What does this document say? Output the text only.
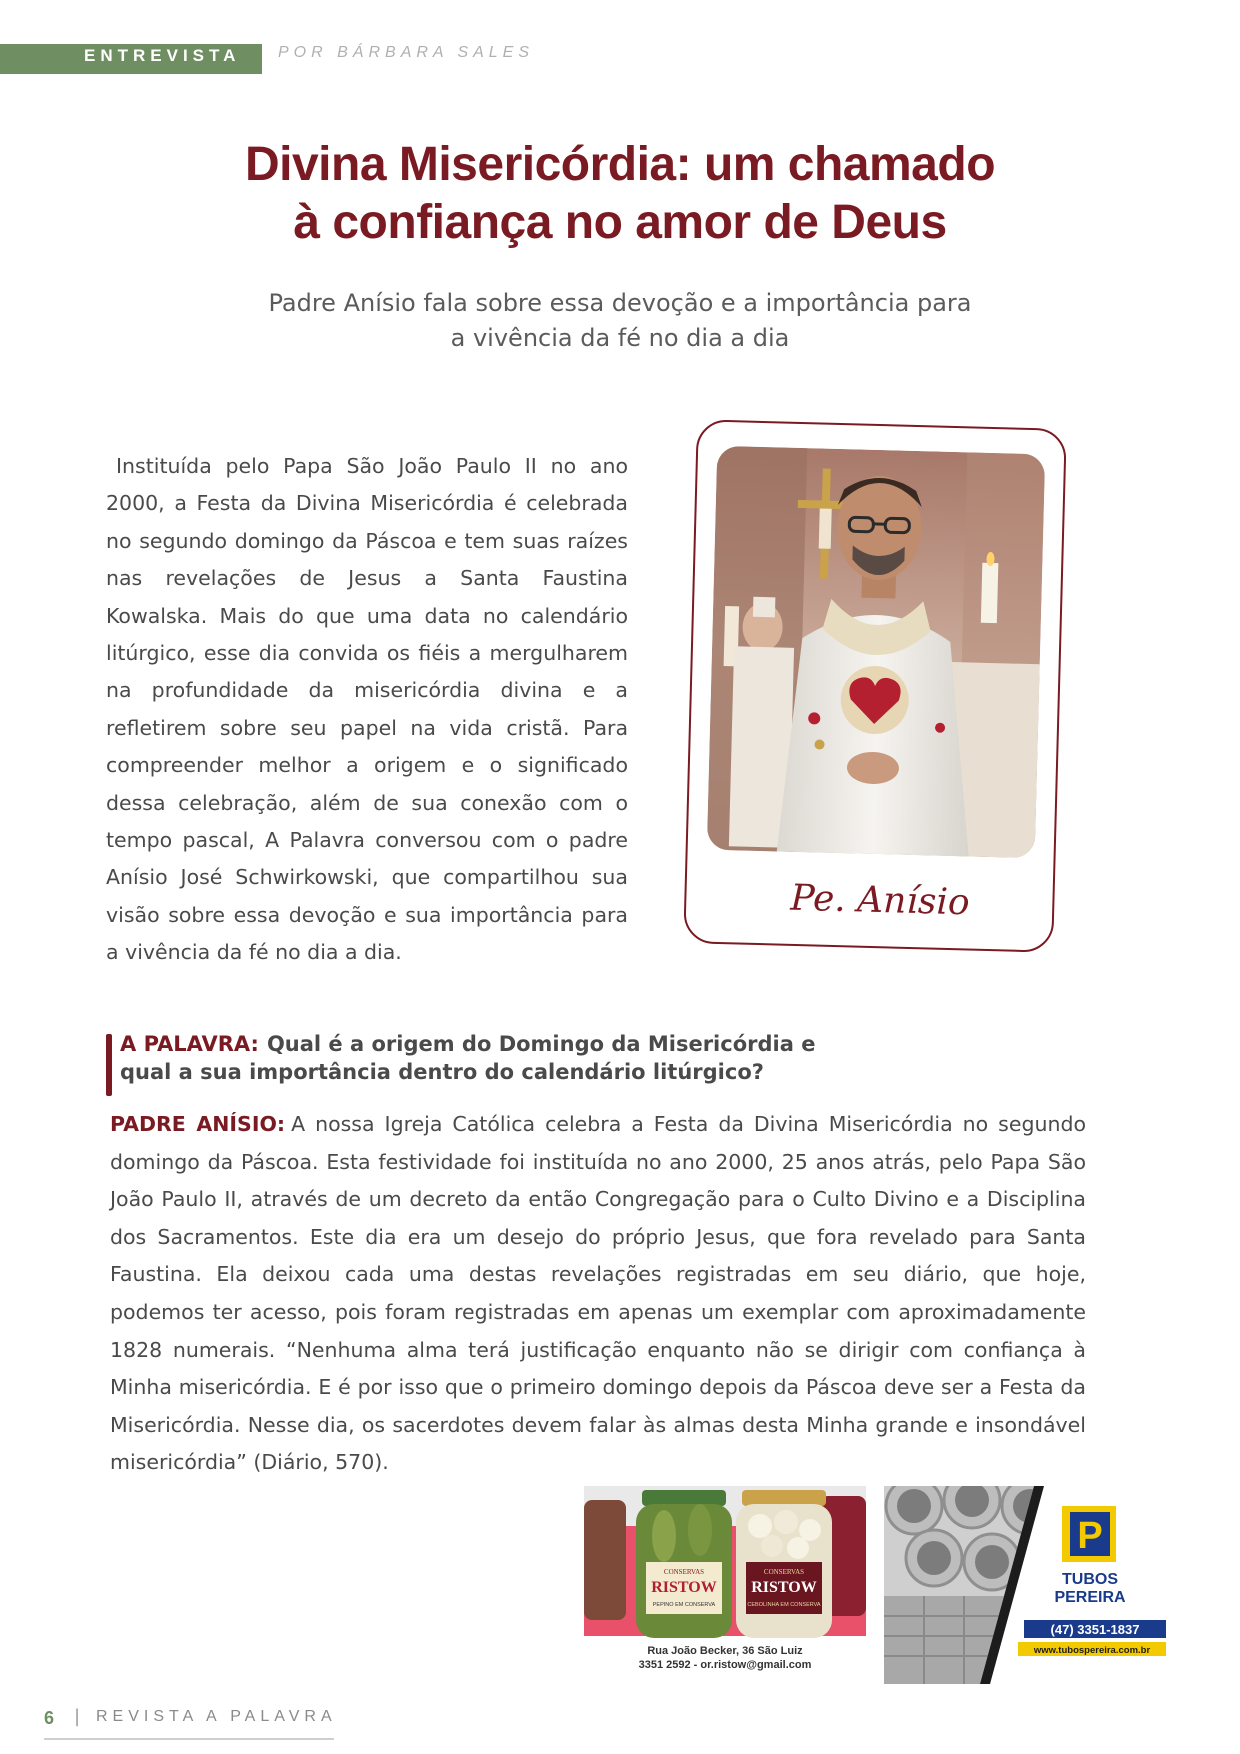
ENTREVISTA POR BÁRBARA SALES
Divina Misericórdia: um chamado
à confiança no amor de Deus

Padre Anísio fala sobre essa devoção e a importância para
a vivência da fé no dia a dia

Instituída pelo Papa São João Paulo II no ano 2000, a Festa da Divina Misericórdia é celebrada no segundo domingo da Páscoa e tem suas raízes nas revelações de Jesus a Santa Faustina Kowalska. Mais do que uma data no calendário litúrgico, esse dia convida os fiéis a mergulharem na profundidade da misericórdia divina e a refletirem sobre seu papel na vida cristã. Para compreender melhor a origem e o significado dessa celebração, além de sua conexão com o tempo pascal, A Palavra conversou com o padre Anísio José Schwirkowski, que compartilhou sua visão sobre essa devoção e sua importância para a vivência da fé no dia a dia.

Pe. Anísio

A PALAVRA: Qual é a origem do Domingo da Misericórdia e qual a sua importância dentro do calendário litúrgico?

PADRE ANÍSIO: A nossa Igreja Católica celebra a Festa da Divina Misericórdia no segundo domingo da Páscoa. Esta festividade foi instituída no ano 2000, 25 anos atrás, pelo Papa São João Paulo II, através de um decreto da então Congregação para o Culto Divino e a Disciplina dos Sacramentos. Este dia era um desejo do próprio Jesus, que fora revelado para Santa Faustina. Ela deixou cada uma destas revelações registradas em seu diário, que hoje, podemos ter acesso, pois foram registradas em apenas um exemplar com aproximadamente 1828 numerais. “Nenhuma alma terá justificação enquanto não se dirigir com confiança à Minha misericórdia. E é por isso que o primeiro domingo depois da Páscoa deve ser a Festa da Misericórdia. Nesse dia, os sacerdotes devem falar às almas desta Minha grande e insondável misericórdia” (Diário, 570).

CONSERVAS
RISTOW
PEPINO EM CONSERVA
CONSERVAS
RISTOW
CEBOLINHA EM CONSERVA
Rua João Becker, 36 São Luiz
3351 2592 - or.ristow@gmail.com
P
TUBOS
PEREIRA
(47) 3351-1837
www.tubospereira.com.br
6 | REVISTA A PALAVRA
